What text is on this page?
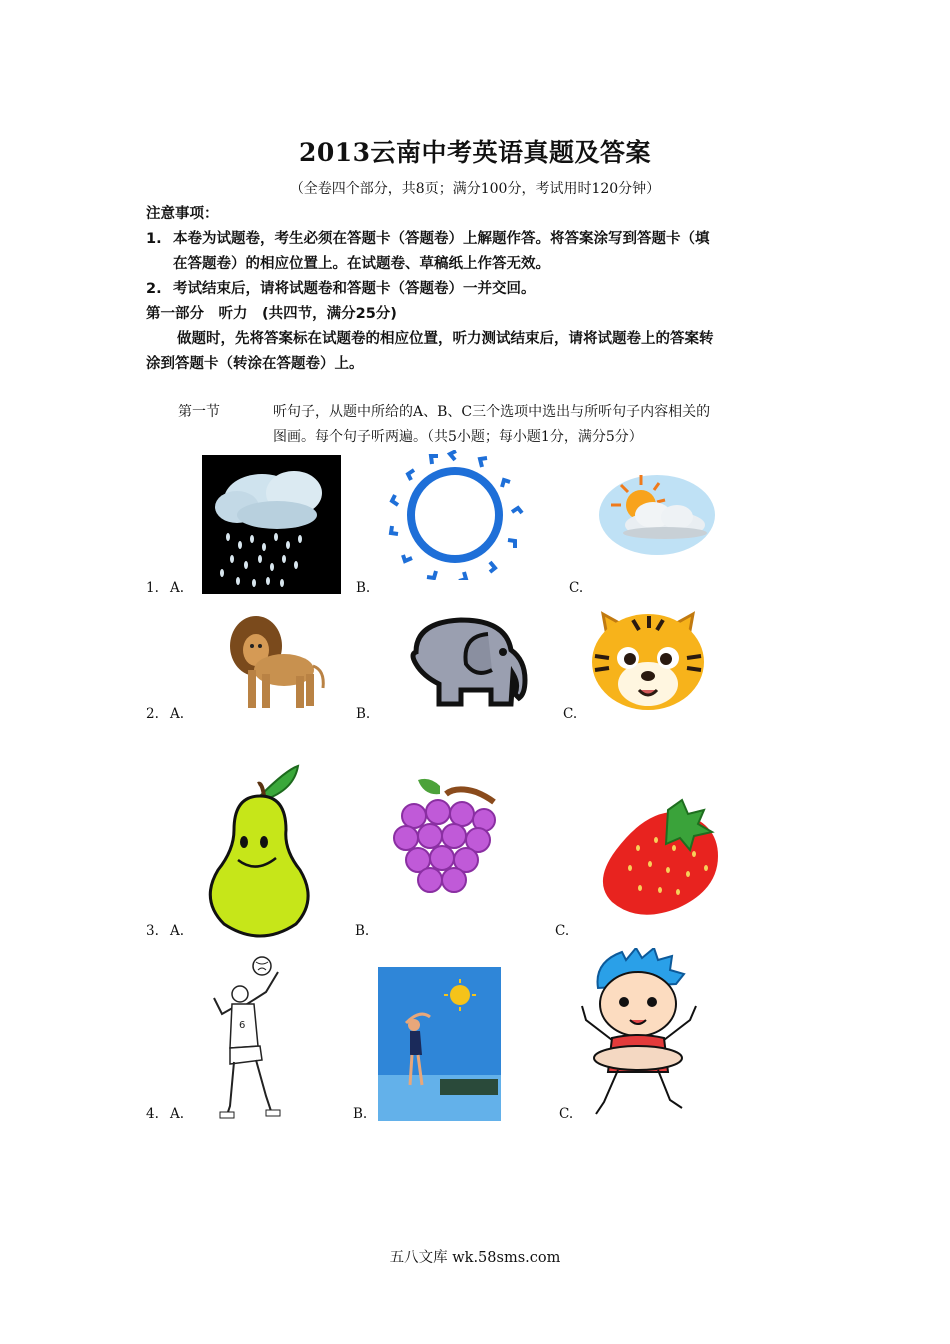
2013云南中考英语真题及答案
（全卷四个部分，共8页；满分100分，考试用时120分钟）
注意事项：
1. 本卷为试题卷，考生必须在答题卡（答题卷）上解题作答。将答案涂写到答题卡（填
在答题卷）的相应位置上。在试题卷、草稿纸上作答无效。
2. 考试结束后，请将试题卷和答题卡（答题卷）一并交回。
第一部分　听力　(共四节，满分25分)
做题时，先将答案标在试题卷的相应位置，听力测试结束后，请将试题卷上的答案转
涂到答题卡（转涂在答题卷）上。
第一节	听句子，从题中所给的A、B、C三个选项中选出与所听句子内容相关的
图画。每个句子听两遍。（共5小题；每小题1分，满分5分）
1. A.	B.	C.
2. A.	B.	C.
3. A.	B.	C.
4. A.	B.	C.
6
五八文库 wk.58sms.com
